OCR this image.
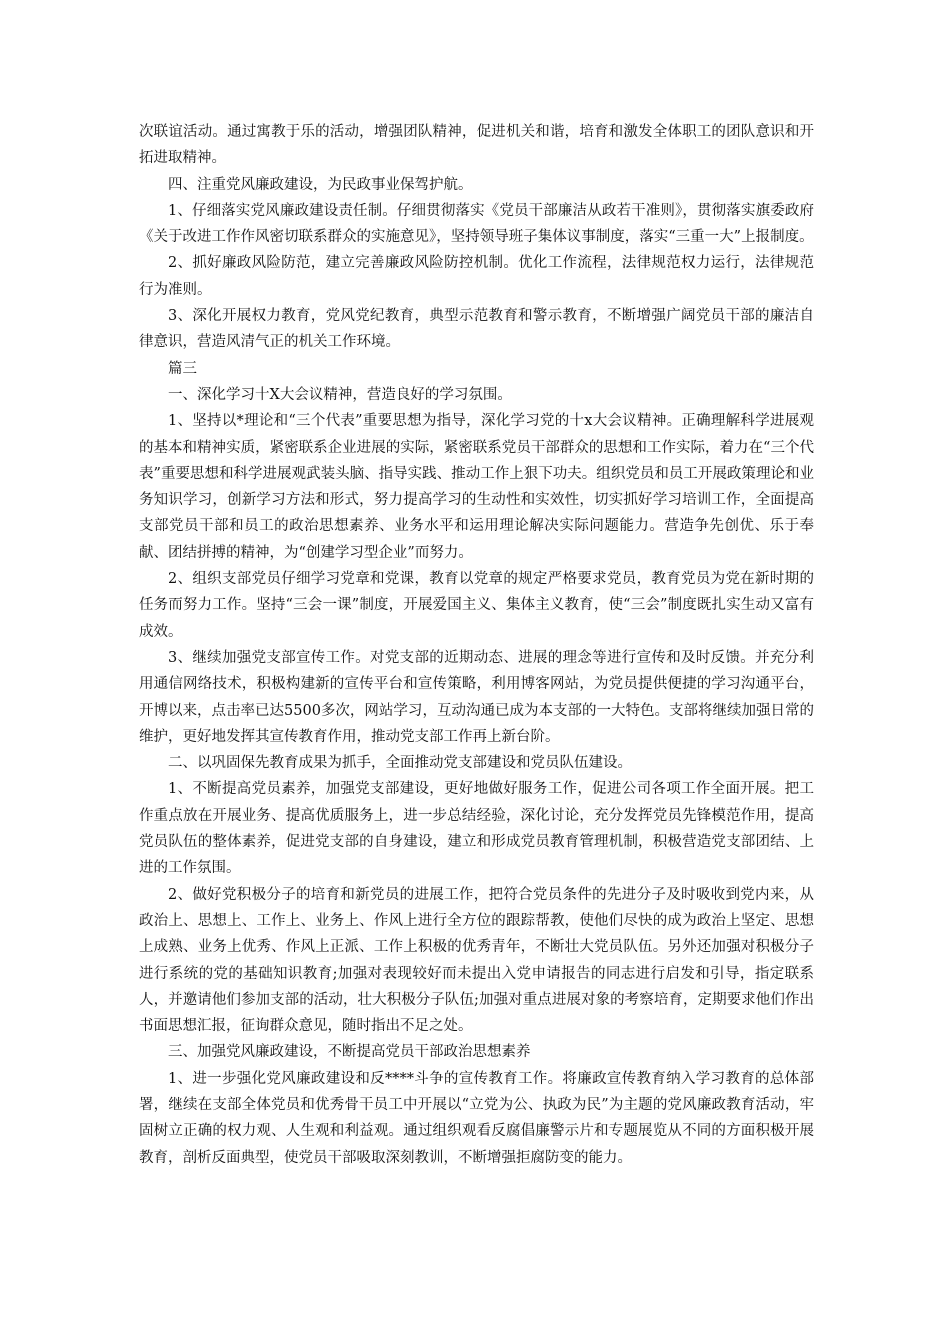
次联谊活动。通过寓教于乐的活动，增强团队精神，促进机关和谐，培育和激发全体职工的团队意识和开拓进取精神。

四、注重党风廉政建设，为民政事业保驾护航。

1、仔细落实党风廉政建设责任制。仔细贯彻落实《党员干部廉洁从政若干准则》，贯彻落实旗委政府《关于改进工作作风密切联系群众的实施意见》，坚持领导班子集体议事制度，落实“三重一大”上报制度。

2、抓好廉政风险防范，建立完善廉政风险防控机制。优化工作流程，法律规范权力运行，法律规范行为准则。

3、深化开展权力教育，党风党纪教育，典型示范教育和警示教育，不断增强广阔党员干部的廉洁自律意识，营造风清气正的机关工作环境。

篇三

一、深化学习十X大会议精神，营造良好的学习氛围。

1、坚持以*理论和“三个代表”重要思想为指导，深化学习党的十x大会议精神。正确理解科学进展观的基本和精神实质，紧密联系企业进展的实际，紧密联系党员干部群众的思想和工作实际，着力在“三个代表”重要思想和科学进展观武装头脑、指导实践、推动工作上狠下功夫。组织党员和员工开展政策理论和业务知识学习，创新学习方法和形式，努力提高学习的生动性和实效性，切实抓好学习培训工作，全面提高支部党员干部和员工的政治思想素养、业务水平和运用理论解决实际问题能力。营造争先创优、乐于奉献、团结拼搏的精神，为“创建学习型企业”而努力。

2、组织支部党员仔细学习党章和党课，教育以党章的规定严格要求党员，教育党员为党在新时期的任务而努力工作。坚持“三会一课”制度，开展爱国主义、集体主义教育，使“三会”制度既扎实生动又富有成效。

3、继续加强党支部宣传工作。对党支部的近期动态、进展的理念等进行宣传和及时反馈。并充分利用通信网络技术，积极构建新的宣传平台和宣传策略，利用博客网站，为党员提供便捷的学习沟通平台，开博以来，点击率已达5500多次，网站学习，互动沟通已成为本支部的一大特色。支部将继续加强日常的维护，更好地发挥其宣传教育作用，推动党支部工作再上新台阶。

二、以巩固保先教育成果为抓手，全面推动党支部建设和党员队伍建设。

1、不断提高党员素养，加强党支部建设，更好地做好服务工作，促进公司各项工作全面开展。把工作重点放在开展业务、提高优质服务上，进一步总结经验，深化讨论，充分发挥党员先锋模范作用，提高党员队伍的整体素养，促进党支部的自身建设，建立和形成党员教育管理机制，积极营造党支部团结、上进的工作氛围。

2、做好党积极分子的培育和新党员的进展工作，把符合党员条件的先进分子及时吸收到党内来，从政治上、思想上、工作上、业务上、作风上进行全方位的跟踪帮教，使他们尽快的成为政治上坚定、思想上成熟、业务上优秀、作风上正派、工作上积极的优秀青年，不断壮大党员队伍。另外还加强对积极分子进行系统的党的基础知识教育;加强对表现较好而未提出入党申请报告的同志进行启发和引导，指定联系人，并邀请他们参加支部的活动，壮大积极分子队伍;加强对重点进展对象的考察培育，定期要求他们作出书面思想汇报，征询群众意见，随时指出不足之处。

三、加强党风廉政建设，不断提高党员干部政治思想素养

1、进一步强化党风廉政建设和反****斗争的宣传教育工作。将廉政宣传教育纳入学习教育的总体部署，继续在支部全体党员和优秀骨干员工中开展以“立党为公、执政为民”为主题的党风廉政教育活动，牢固树立正确的权力观、人生观和利益观。通过组织观看反腐倡廉警示片和专题展览从不同的方面积极开展教育，剖析反面典型，使党员干部吸取深刻教训，不断增强拒腐防变的能力。
